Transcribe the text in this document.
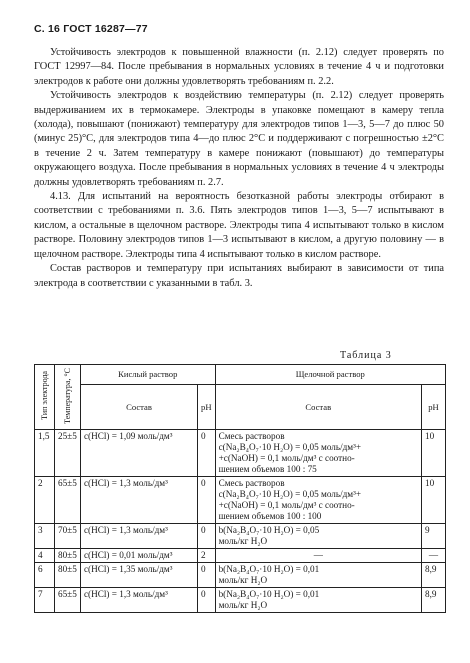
С. 16 ГОСТ 16287—77

Устойчивость электродов к повышенной влажности (п. 2.12) следует проверять по ГОСТ 12997—84. После пребывания в нормальных условиях в течение 4 ч и подготовки электродов к работе они должны удовлетворять требованиям п. 2.2.

Устойчивость электродов к воздействию температуры (п. 2.12) следует проверять выдерживанием их в термокамере. Электроды в упаковке помещают в камеру тепла (холода), повышают (понижают) температуру для электродов типов 1—3, 5—7 до плюс 50 (минус 25)°С, для электродов типа 4—до плюс 2°С и поддерживают с погрешностью ±2°С в течение 2 ч. Затем температуру в камере понижают (повышают) до температуры окружающего воздуха. После пребывания в нормальных условиях в течение 4 ч электроды должны удовлетворять требованиям п. 2.7.

4.13. Для испытаний на вероятность безотказной работы электроды отбирают в соответствии с требованиями п. 3.6. Пять электродов типов 1—3, 5—7 испытывают в кислом, а остальные в щелочном растворе. Электроды типа 4 испытывают только в кислом растворе. Половину электродов типов 1—3 испытывают в кислом, а другую половину — в щелочном растворе. Электроды типа 4 испытывают только в кислом растворе.

Состав растворов и температуру при испытаниях выбирают в зависимости от типа электрода в соответствии с указанными в табл. 3.

Таблица 3
Тип электрода	Температура, °С	Кислый раствор		Щелочной раствор	
		Состав	pH	Состав	pH
1,5	25±5	c(HCl) = 1,09 моль/дм³	0	Смесь растворов
c(Na₂B₄O₇·10 H₂O) = 0,05 моль/дм³+
+c(NaOH) = 0,1 моль/дм³ с соотно-
шением объемов 100 : 75	10
2	65±5	c(HCl) = 1,3 моль/дм³	0	Смесь растворов
c(Na₂B₄O₇·10 H₂O) = 0,05 моль/дм³+
+c(NaOH) = 0,1 моль/дм³ с соотно-
шением объемов 100 : 100	10
3	70±5	c(HCl) = 1,3 моль/дм³	0	b(Na₂B₄O₇·10 H₂O) = 0,05
моль/кг H₂O	9
4	80±5	c(HCl) = 0,01 моль/дм³	2	—	—
6	80±5	c(HCl) = 1,35 моль/дм³	0	b(Na₂B₄O₇·10 H₂O) = 0,01
моль/кг H₂O	8,9
7	65±5	c(HCl) = 1,3 моль/дм³	0	b(Na₂B₄O₇·10 H₂O) = 0,01
моль/кг H₂O	8,9
